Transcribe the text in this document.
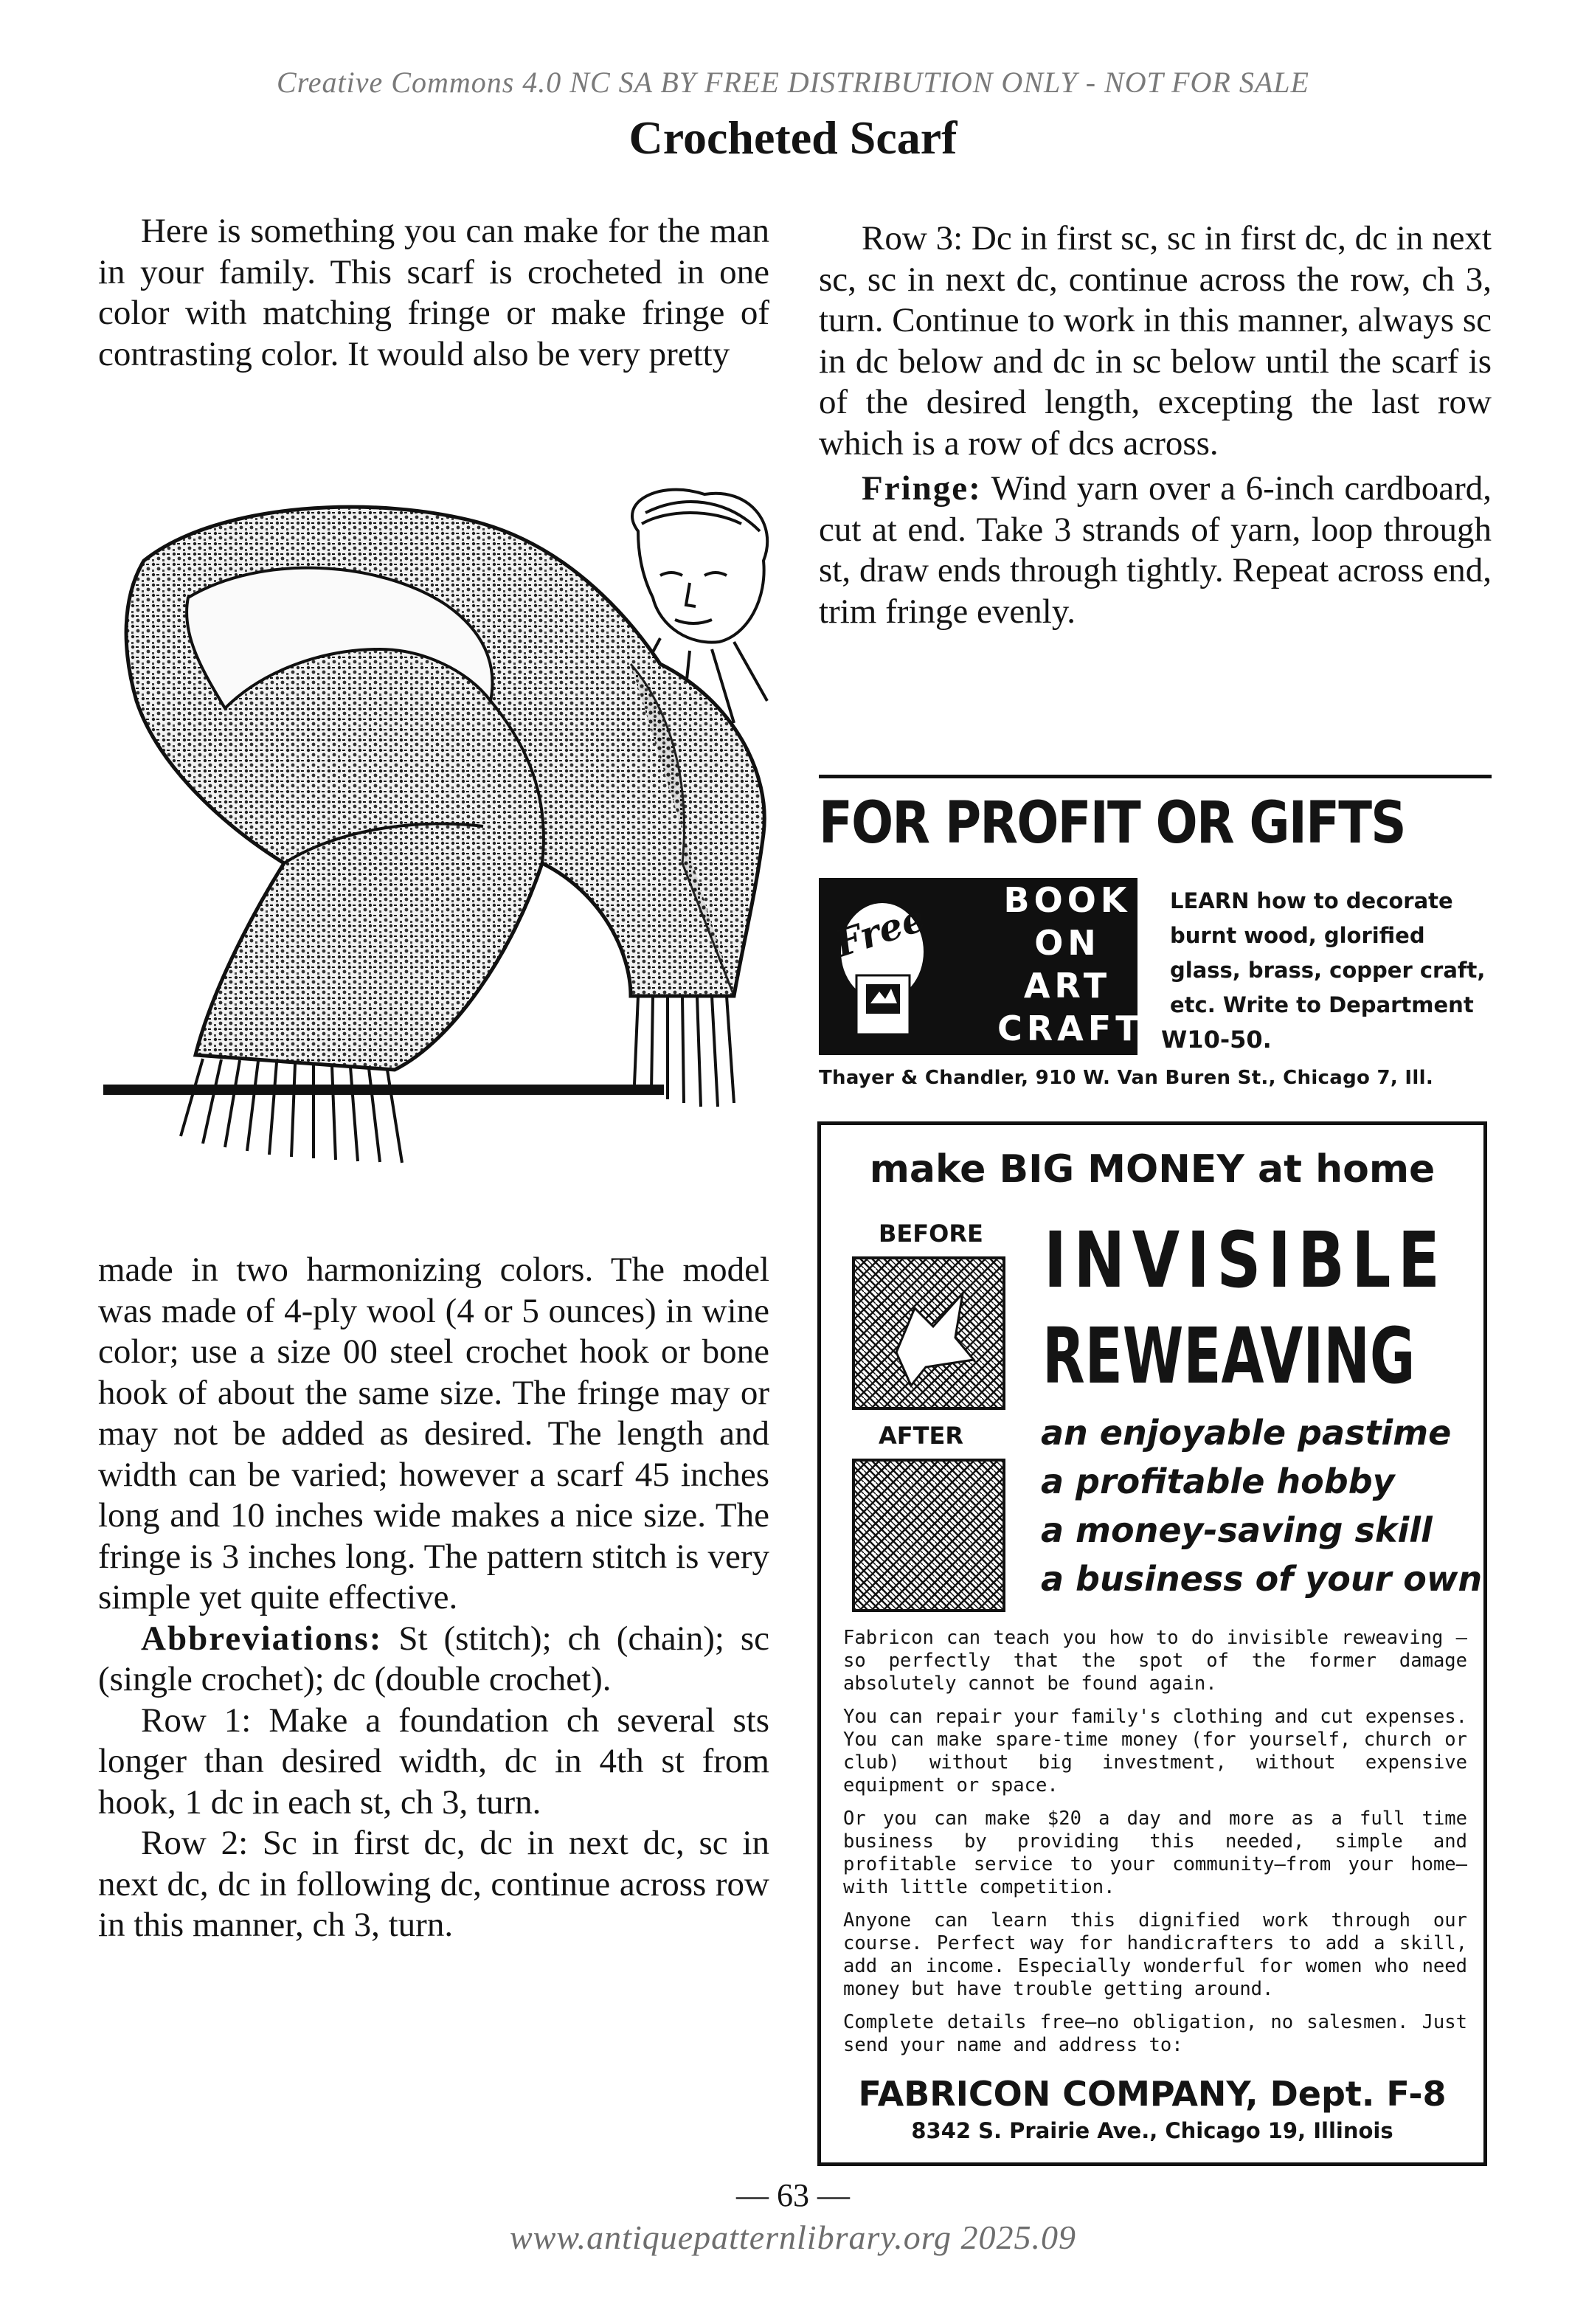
Creative Commons 4.0 NC SA BY FREE DISTRIBUTION ONLY - NOT FOR SALE
Crocheted Scarf

Here is something you can make for the man in your family. This scarf is crocheted in one color with matching fringe or make fringe of contrasting color. It would also be very pretty

made in two harmonizing colors. The model was made of 4-ply wool (4 or 5 ounces) in wine color; use a size 00 steel crochet hook or bone hook of about the same size. The fringe may or may not be added as desired. The length and width can be varied; however a scarf 45 inches long and 10 inches wide makes a nice size. The fringe is 3 inches long. The pattern stitch is very simple yet quite effective.

Abbreviations: St (stitch); ch (chain); sc (single crochet); dc (double crochet).

Row 1: Make a foundation ch several sts longer than desired width, dc in 4th st from hook, 1 dc in each st, ch 3, turn.

Row 2: Sc in first dc, dc in next dc, sc in next dc, dc in following dc, continue across row in this manner, ch 3, turn.

Row 3: Dc in first sc, sc in first dc, dc in next sc, sc in next dc, continue across the row, ch 3, turn. Continue to work in this manner, always sc in dc below and dc in sc below until the scarf is of the desired length, excepting the last row which is a row of dcs across.

Fringe: Wind yarn over a 6-inch cardboard, cut at end. Take 3 strands of yarn, loop through st, draw ends through tightly. Repeat across end, trim fringe evenly.

FOR PROFIT OR GIFTS
Free BOOK
ON
ART
CRAFT
LEARN how to decorate
burnt wood, glorified
glass, brass, copper craft,
etc. Write to Department
W10-50.
Thayer & Chandler, 910 W. Van Buren St., Chicago 7, Ill.
make BIG MONEY at home
BEFORE
AFTER
INVISIBLE
REWEAVING
an enjoyable pastime
a profitable hobby
a money-saving skill
a business of your own

Fabricon can teach you how to do invisible reweaving —so perfectly that the spot of the former damage absolutely cannot be found again.

You can repair your family's clothing and cut expenses. You can make spare-time money (for yourself, church or club) without big investment, without expensive equipment or space.

Or you can make $20 a day and more as a full time business by providing this needed, simple and profitable service to your community—from your home—with little competition.

Anyone can learn this dignified work through our course. Perfect way for handicrafters to add a skill, add an income. Especially wonderful for women who need money but have trouble getting around.

Complete details free—no obligation, no salesmen. Just send your name and address to:

FABRICON COMPANY, Dept. F-8
8342 S. Prairie Ave., Chicago 19, Illinois
— 63 —
www.antiquepatternlibrary.org 2025.09
